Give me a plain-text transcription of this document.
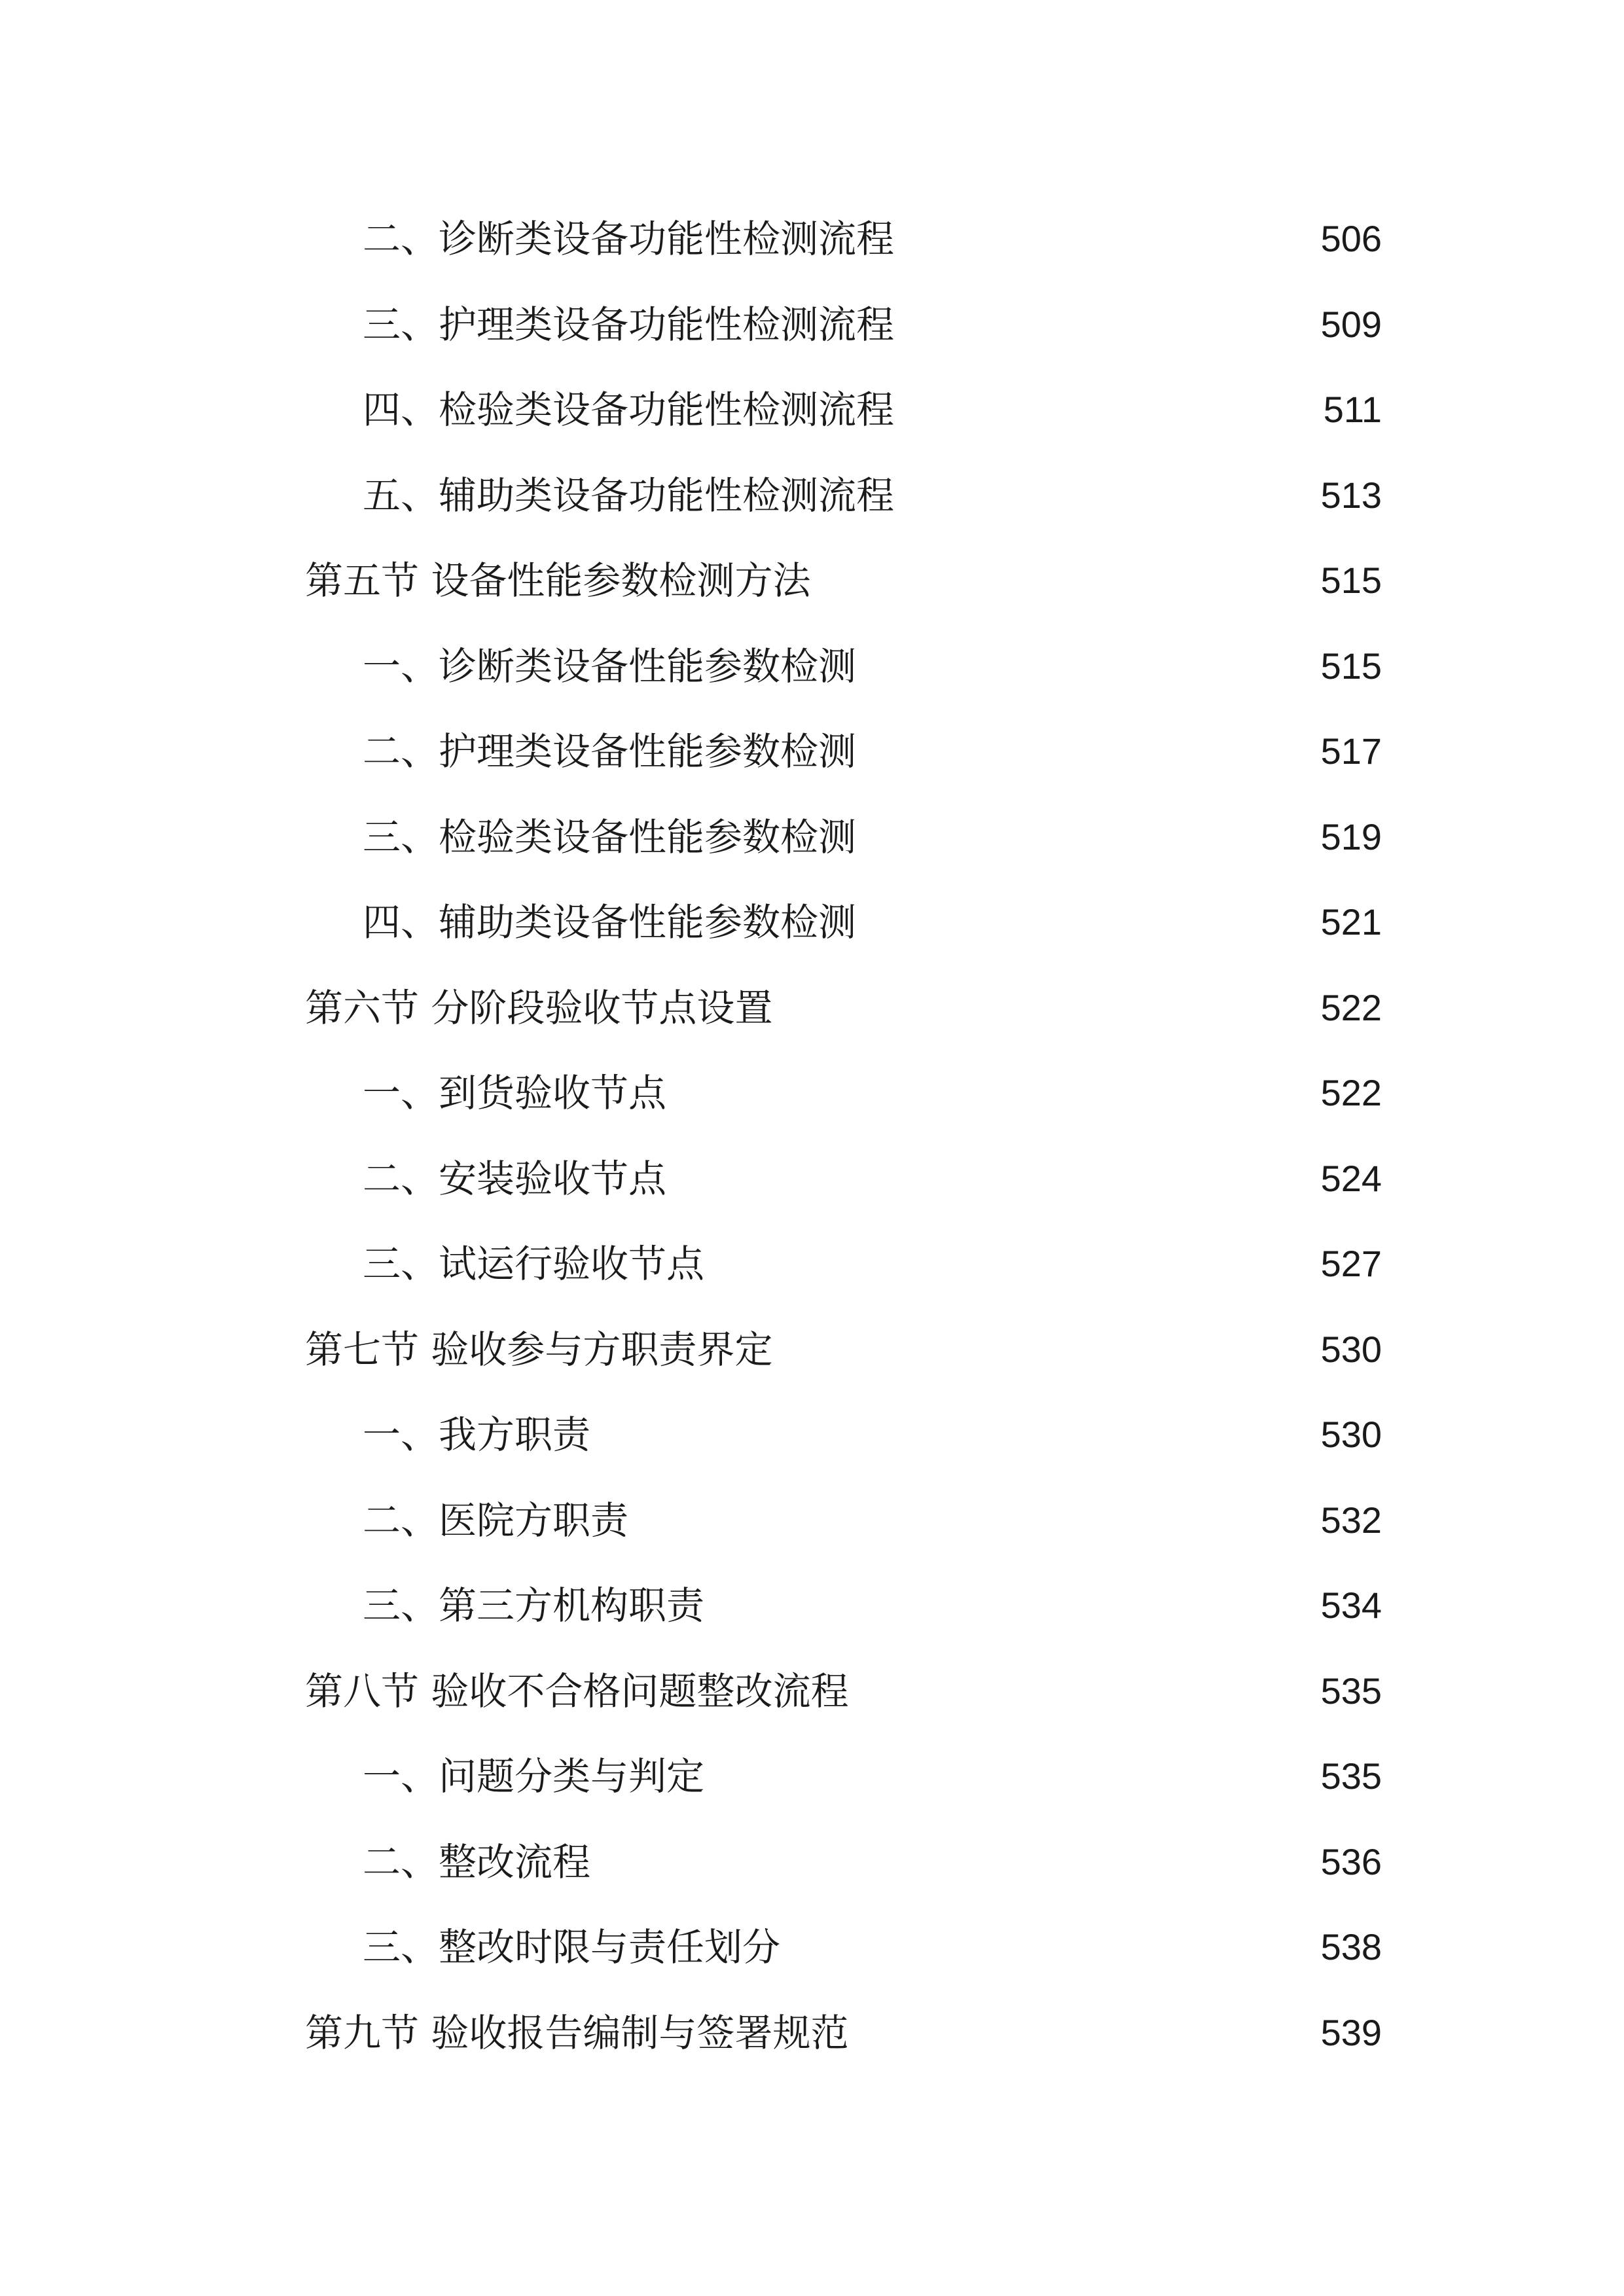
二、诊断类设备功能性检测流程	506
三、护理类设备功能性检测流程	509
四、检验类设备功能性检测流程	511
五、辅助类设备功能性检测流程	513
第五节 设备性能参数检测方法	515
一、诊断类设备性能参数检测	515
二、护理类设备性能参数检测	517
三、检验类设备性能参数检测	519
四、辅助类设备性能参数检测	521
第六节 分阶段验收节点设置	522
一、到货验收节点	522
二、安装验收节点	524
三、试运行验收节点	527
第七节 验收参与方职责界定	530
一、我方职责	530
二、医院方职责	532
三、第三方机构职责	534
第八节 验收不合格问题整改流程	535
一、问题分类与判定	535
二、整改流程	536
三、整改时限与责任划分	538
第九节 验收报告编制与签署规范	539
